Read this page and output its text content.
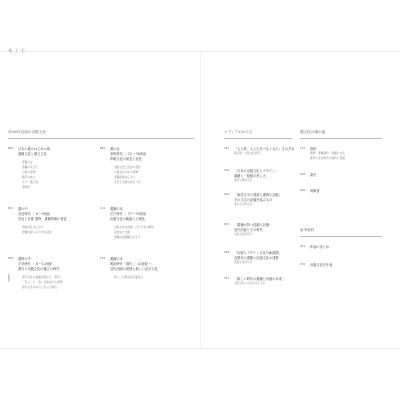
もくじ
table
1500年以前の出版文化	メディアのかたち	漢文化の漢の風
参考資料
005 日本の書のはじめの頃
書籍文化と漢文文化
書籍とは
書籍の文字と
古典の書物
漢字の成立
カナ・漢字表
書物学
031 書の中
奈良時代 ｜ 6 ─ 9世紀
奈良と京都 書物、書籍印刷の普及
印刷文化の広がり
書籍出版への大きな役目
059 書物の中
平安時代 ｜ 8 ─ 12世紀
書写と出版文化の確立の時代
書写文化の基盤を固めた「書写」
「写し」と「書」が結ばれた書物
書写文化の中心となった時代
083 書の本
室町時代 ｜ 12 ─ 16世紀
印刷文化の成長と変化
出版文化と社会の変化
大衆文化の中の書物
書籍流通の広がり
文化と出版の結びつき
111 書籍の本
江戸時代 ｜ 17 ─ 19世紀
出版文化の隆盛と大衆化
出版文化の成熟、江戸文化の輝き
浮世絵と出版
書籍の流通網の広がり
143 書籍の本
明治時代・現代 ｜ 20世紀 ─
近代出版の発展と新しい活字文化
新しい出版文化の始まり
147 「人と紙、人と人をつなぐもの」それぞれ
渡辺修・出版文化研究
159 「日本の出版文化とデザイン」
書籍と「組版の美しさ」
関東出版研究会
169 「東洋文字の発達と書物の活版」
その文字の記録を結ぶもの
東洋文字研究会
181 「書籍が持つ役割と記憶」
近代出版とその時代
出版文化研究所
189 「出版とデザイン文化の新展開」
近現代の書籍と出版文化の連携
書籍文化研究会
197 「新しい時代の書籍と出版の未来」
出版文化の未来を考える会
111 資料
関連・書籍資料・書籍と文化
著作と文化研究の資料と書籍
218 索引
226 執筆者
231 年表のまとめ
232 出版文化史年表
